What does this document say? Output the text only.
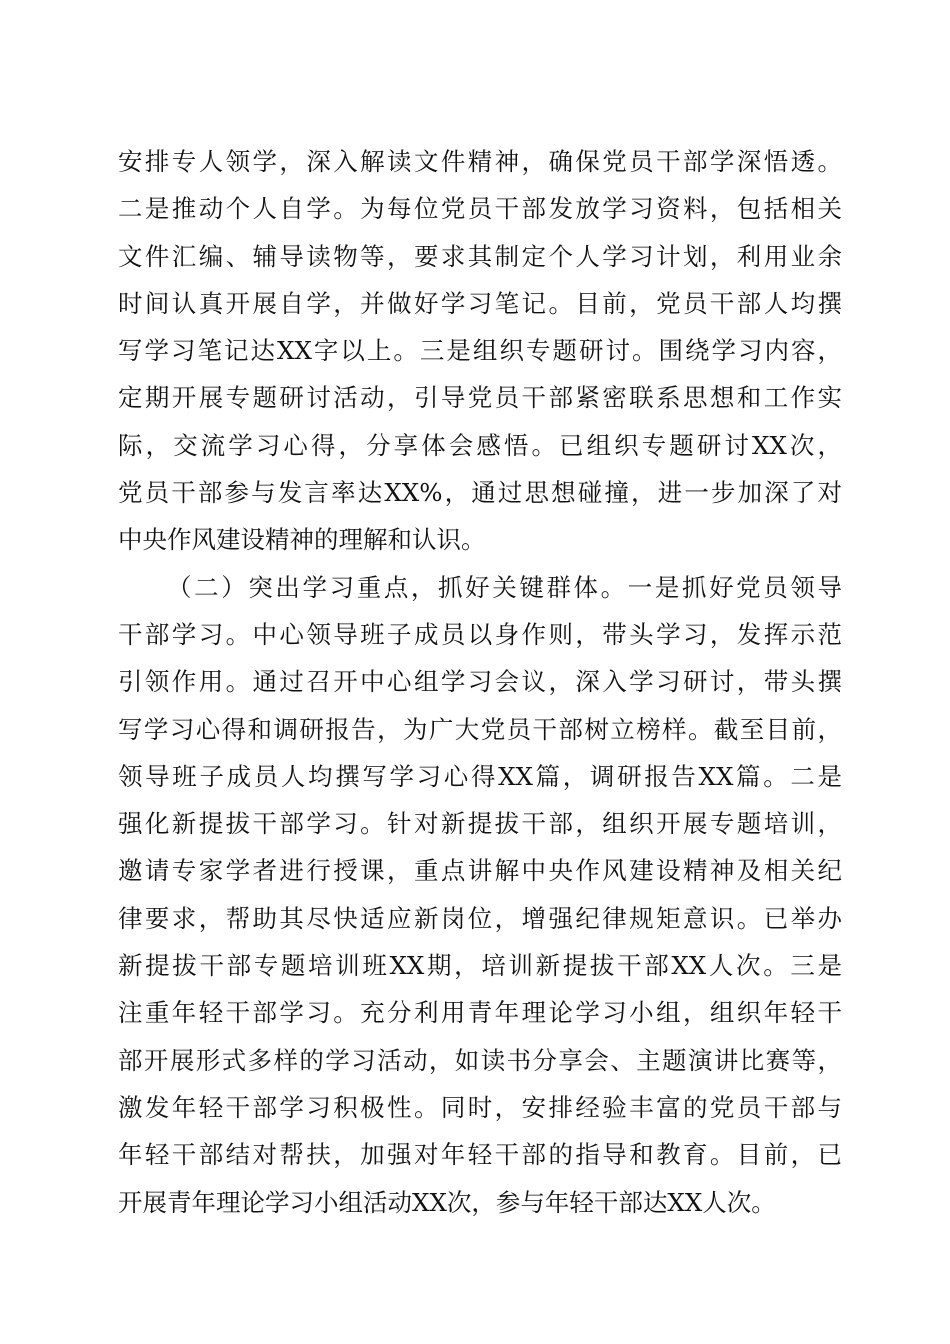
安排专人领学，深入解读文件精神，确保党员干部学深悟透。
二是推动个人自学。为每位党员干部发放学习资料，包括相关
文件汇编、辅导读物等，要求其制定个人学习计划，利用业余
时间认真开展自学，并做好学习笔记。目前，党员干部人均撰
写学习笔记达XX字以上。三是组织专题研讨。围绕学习内容，
定期开展专题研讨活动，引导党员干部紧密联系思想和工作实
际，交流学习心得，分享体会感悟。已组织专题研讨XX次，
党员干部参与发言率达XX%，通过思想碰撞，进一步加深了对
中央作风建设精神的理解和认识。
（二）突出学习重点，抓好关键群体。一是抓好党员领导
干部学习。中心领导班子成员以身作则，带头学习，发挥示范
引领作用。通过召开中心组学习会议，深入学习研讨，带头撰
写学习心得和调研报告，为广大党员干部树立榜样。截至目前，
领导班子成员人均撰写学习心得XX篇，调研报告XX篇。二是
强化新提拔干部学习。针对新提拔干部，组织开展专题培训，
邀请专家学者进行授课，重点讲解中央作风建设精神及相关纪
律要求，帮助其尽快适应新岗位，增强纪律规矩意识。已举办
新提拔干部专题培训班XX期，培训新提拔干部XX人次。三是
注重年轻干部学习。充分利用青年理论学习小组，组织年轻干
部开展形式多样的学习活动，如读书分享会、主题演讲比赛等，
激发年轻干部学习积极性。同时，安排经验丰富的党员干部与
年轻干部结对帮扶，加强对年轻干部的指导和教育。目前，已
开展青年理论学习小组活动XX次，参与年轻干部达XX人次。
